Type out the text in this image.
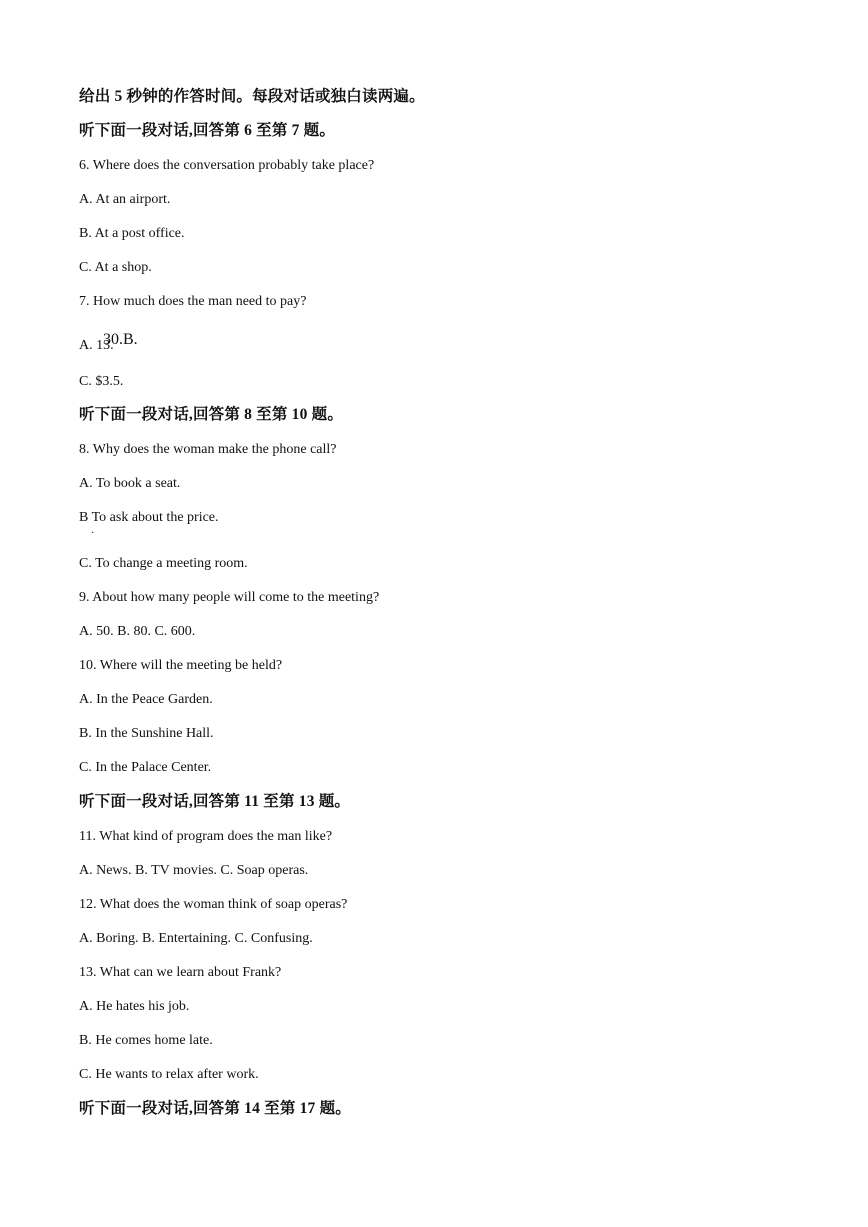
给出 5 秒钟的作答时间。每段对话或独白读两遍。
听下面一段对话,回答第 6 至第 7 题。
6. Where does the conversation probably take place?
A. At an airport.
B. At a post office.
C. At a shop.
7. How much does the man need to pay?
A. 13.
C. $3.5.
听下面一段对话,回答第 8 至第 10 题。
8. Why does the woman make the phone call?
A. To book a seat.
B To ask about the price.
C. To change a meeting room.
9. About how many people will come to the meeting?
A. 50. B. 80. C. 600.
10. Where will the meeting be held?
A. In the Peace Garden.
B. In the Sunshine Hall.
C. In the Palace Center.
听下面一段对话,回答第 11 至第 13 题。
11. What kind of program does the man like?
A. News. B. TV movies. C. Soap operas.
12. What does the woman think of soap operas?
A. Boring. B. Entertaining. C. Confusing.
13. What can we learn about Frank?
A. He hates his job.
B. He comes home late.
C. He wants to relax after work.
听下面一段对话,回答第 14 至第 17 题。
30.B.
·
